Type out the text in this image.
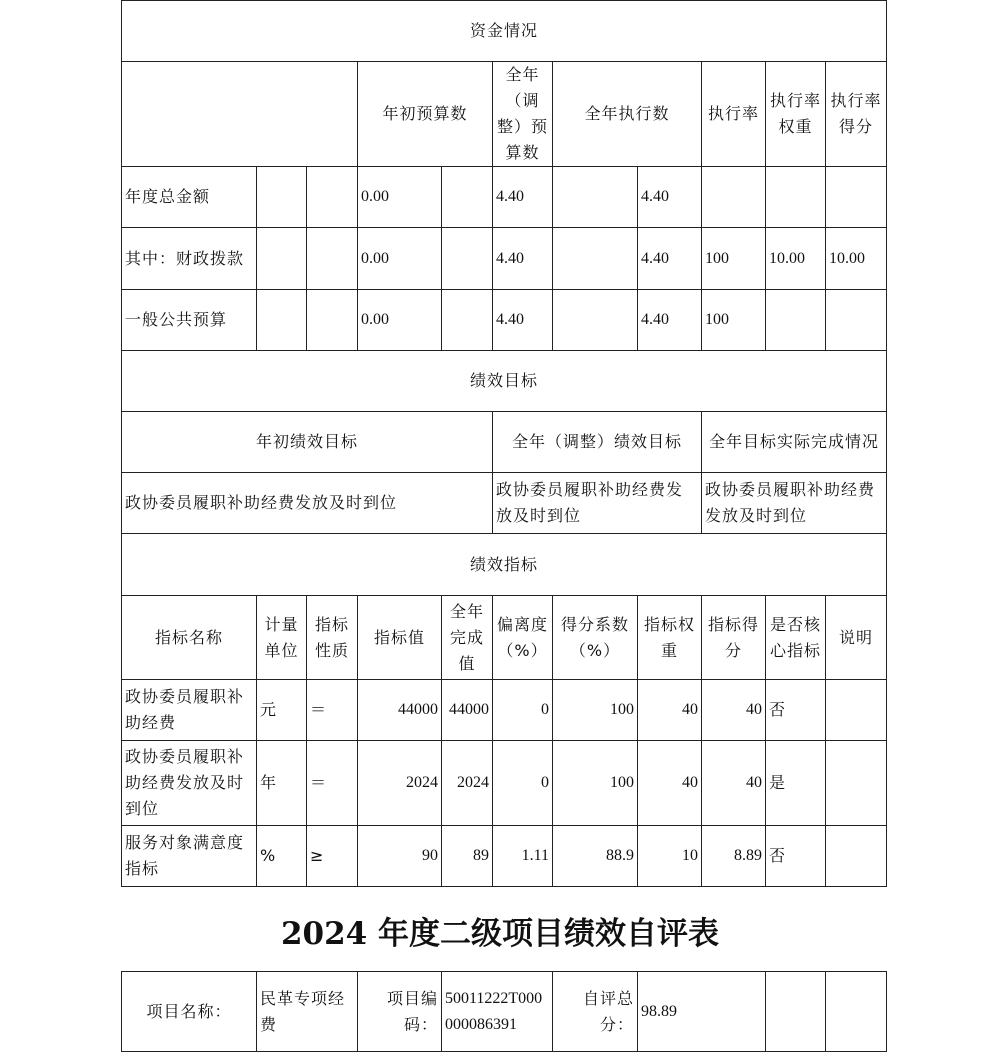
资金情况										
			年初预算数		全年（调整）预算数	全年执行数		执行率	执行率权重	执行率得分
年度总金额			0.00		4.40		4.40			
其中：财政拨款			0.00		4.40		4.40	100	10.00	10.00
一般公共预算			0.00		4.40		4.40	100		
绩效目标										
年初绩效目标					全年（调整）绩效目标			全年目标实际完成情况		
政协委员履职补助经费发放及时到位					政协委员履职补助经费发放及时到位			政协委员履职补助经费发放及时到位		
绩效指标										
指标名称	计量单位	指标性质	指标值	全年完成值	偏离度（%）	得分系数（%）	指标权重	指标得分	是否核心指标	说明
政协委员履职补助经费	元	＝	44000	44000	0	100	40	40	否	
政协委员履职补助经费发放及时到位	年	＝	2024	2024	0	100	40	40	是	
服务对象满意度指标	%	≥	90	89	1.11	88.9	10	8.89	否	
2024 年度二级项目绩效自评表
项目名称：	民革专项经费	项目编码：	50011222T000000086391	自评总分：	98.89		
